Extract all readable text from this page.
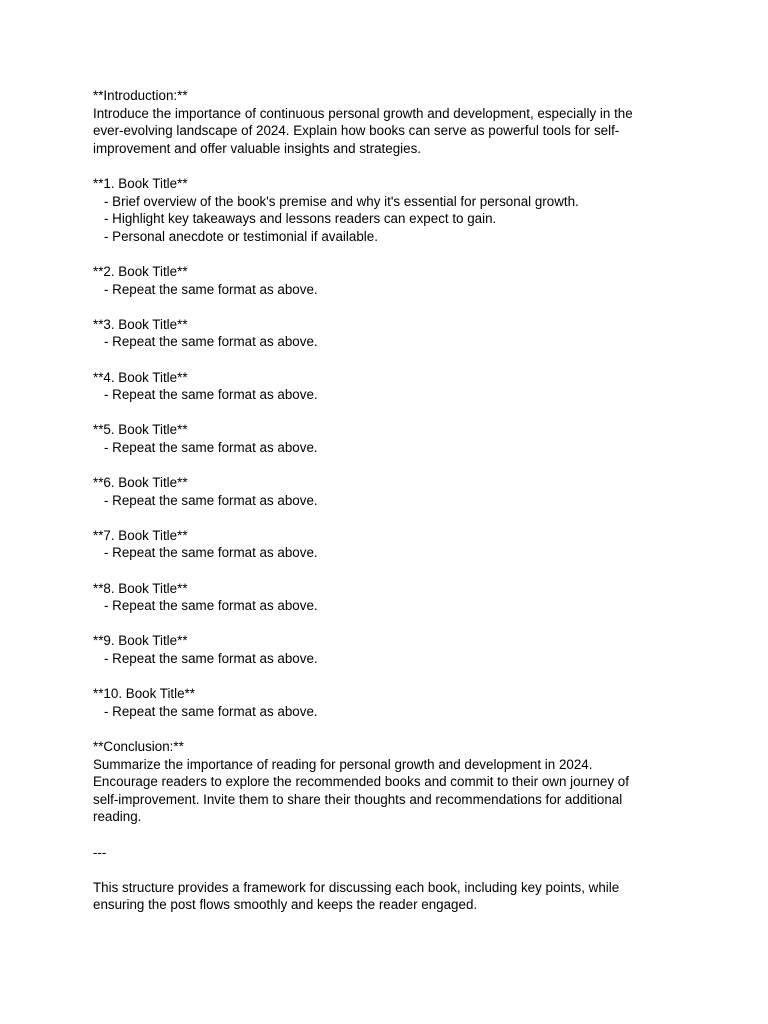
**Introduction:**
Introduce the importance of continuous personal growth and development, especially in the
ever-evolving landscape of 2024. Explain how books can serve as powerful tools for self-
improvement and offer valuable insights and strategies.
**1. Book Title**
- Brief overview of the book's premise and why it's essential for personal growth.
- Highlight key takeaways and lessons readers can expect to gain.
- Personal anecdote or testimonial if available.
**2. Book Title**
- Repeat the same format as above.
**3. Book Title**
- Repeat the same format as above.
**4. Book Title**
- Repeat the same format as above.
**5. Book Title**
- Repeat the same format as above.
**6. Book Title**
- Repeat the same format as above.
**7. Book Title**
- Repeat the same format as above.
**8. Book Title**
- Repeat the same format as above.
**9. Book Title**
- Repeat the same format as above.
**10. Book Title**
- Repeat the same format as above.
**Conclusion:**
Summarize the importance of reading for personal growth and development in 2024.
Encourage readers to explore the recommended books and commit to their own journey of
self-improvement. Invite them to share their thoughts and recommendations for additional
reading.
---
This structure provides a framework for discussing each book, including key points, while
ensuring the post flows smoothly and keeps the reader engaged.
